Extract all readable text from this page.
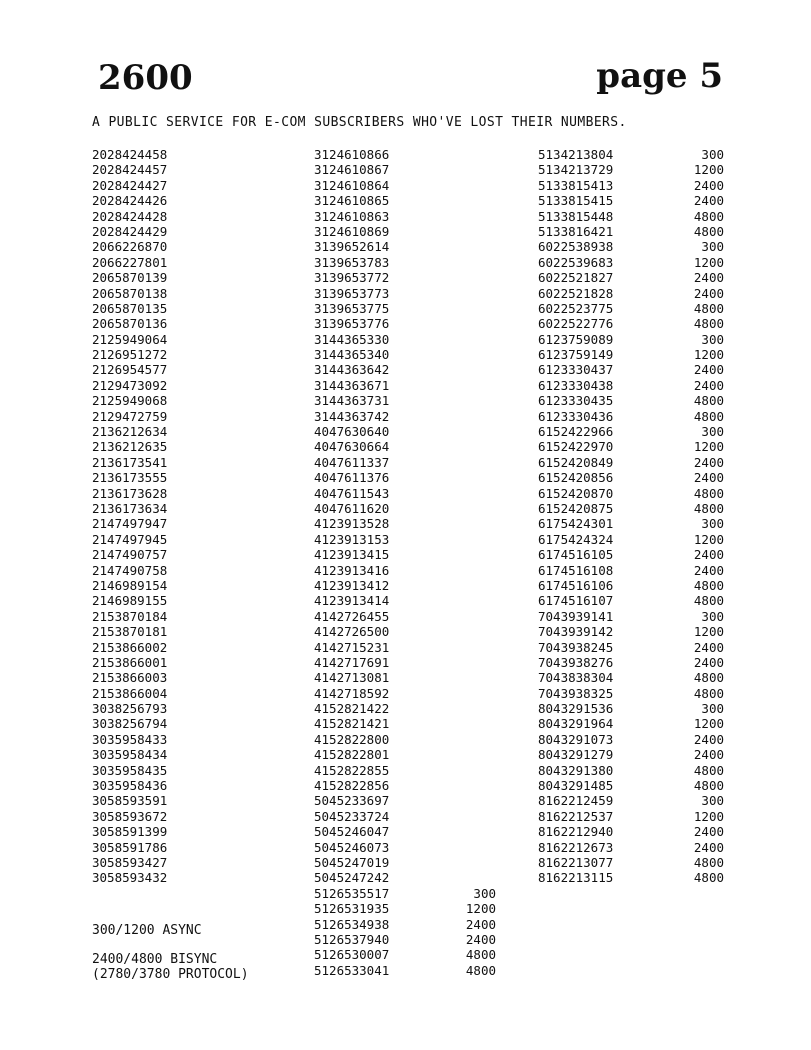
2600	page 5
A PUBLIC SERVICE FOR E-COM SUBSCRIBERS WHO'VE LOST THEIR NUMBERS.
2028424458
2028424457
2028424427
2028424426
2028424428
2028424429
2066226870
2066227801
2065870139
2065870138
2065870135
2065870136
2125949064
2126951272
2126954577
2129473092
2125949068
2129472759
2136212634
2136212635
2136173541
2136173555
2136173628
2136173634
2147497947
2147497945
2147490757
2147490758
2146989154
2146989155
2153870184
2153870181
2153866002
2153866001
2153866003
2153866004
3038256793
3038256794
3035958433
3035958434
3035958435
3035958436
3058593591
3058593672
3058591399
3058591786
3058593427
3058593432
3124610866
3124610867
3124610864
3124610865
3124610863
3124610869
3139652614
3139653783
3139653772
3139653773
3139653775
3139653776
3144365330
3144365340
3144363642
3144363671
3144363731
3144363742
4047630640
4047630664
4047611337
4047611376
4047611543
4047611620
4123913528
4123913153
4123913415
4123913416
4123913412
4123913414
4142726455
4142726500
4142715231
4142717691
4142713081
4142718592
4152821422
4152821421
4152822800
4152822801
4152822855
4152822856
5045233697
5045233724
5045246047
5045246073
5045247019
5045247242
5126535517	300
5126531935	1200
5126534938	2400
5126537940	2400
5126530007	4800
5126533041	4800
5134213804	300
5134213729	1200
5133815413	2400
5133815415	2400
5133815448	4800
5133816421	4800
6022538938	300
6022539683	1200
6022521827	2400
6022521828	2400
6022523775	4800
6022522776	4800
6123759089	300
6123759149	1200
6123330437	2400
6123330438	2400
6123330435	4800
6123330436	4800
6152422966	300
6152422970	1200
6152420849	2400
6152420856	2400
6152420870	4800
6152420875	4800
6175424301	300
6175424324	1200
6174516105	2400
6174516108	2400
6174516106	4800
6174516107	4800
7043939141	300
7043939142	1200
7043938245	2400
7043938276	2400
7043838304	4800
7043938325	4800
8043291536	300
8043291964	1200
8043291073	2400
8043291279	2400
8043291380	4800
8043291485	4800
8162212459	300
8162212537	1200
8162212940	2400
8162212673	2400
8162213077	4800
8162213115	4800
300/1200 ASYNC
2400/4800 BISYNC
(2780/3780 PROTOCOL)
